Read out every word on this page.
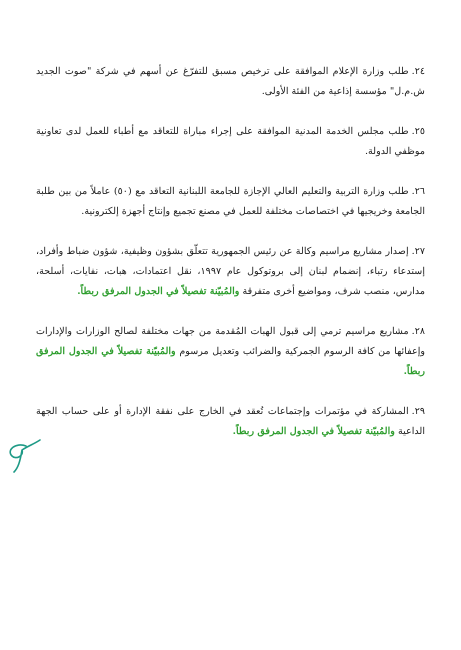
٢٤.طلب وزارة الإعلام الموافقة على ترخيص مسبق للتفرّغ عن أسهم في شركة "صوت الجديد ش.م.ل" مؤسسة إذاعية من الفئة الأولى.

٢٥.طلب مجلس الخدمة المدنية الموافقة على إجراء مباراة للتعاقد مع أطباء للعمل لدى تعاونية موظفي الدولة.

٢٦.طلب وزارة التربية والتعليم العالي الإجازة للجامعة اللبنانية التعاقد مع (٥٠) عاملاً من بين طلبة الجامعة وخريجيها في اختصاصات مختلفة للعمل في مصنع تجميع وإنتاج أجهزة إلكترونية.

٢٧.إصدار مشاريع مراسيم وكالة عن رئيس الجمهورية تتعلّق بشؤون وظيفية، شؤون ضباط وأفراد، إستدعاء رتباء، إنضمام لبنان إلى بروتوكول عام ١٩٩٧، نقل اعتمادات، هبات، نفايات، أسلحة، مدارس، منصب شرف، ومواضيع أخرى متفرقة والمُبيّنة تفصيلاً في الجدول المرفق ربطاً.

٢٨.مشاريع مراسيم ترمي إلى قبول الهبات المُقدمة من جهات مختلفة لصالح الوزارات والإدارات وإعفائها من كافة الرسوم الجمركية والضرائب وتعديل مرسوم والمُبيّنة تفصيلاً في الجدول المرفق ربطاً.

٢٩.المشاركة في مؤتمرات وإجتماعات تُعقد في الخارج على نفقة الإدارة أو على حساب الجهة الداعية والمُبيّنة تفصيلاً في الجدول المرفق ربطاً.
